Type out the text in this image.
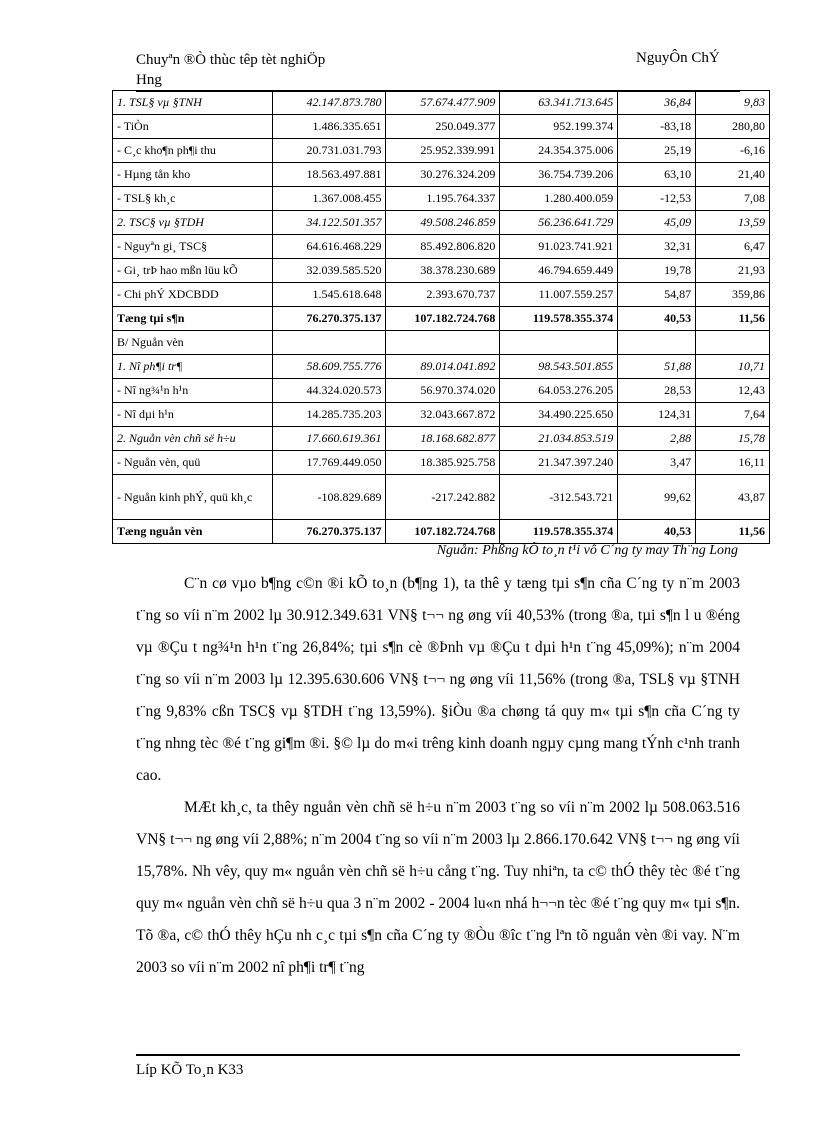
Chuyªn ®Ò thùc têp tèt nghiÖp
Hng
NguyÔn ChÝ
1. TSL§ vµ §TNH	42.147.873.780	57.674.477.909	63.341.713.645	36,84	9,83
- TiÒn	1.486.335.651	250.049.377	952.199.374	-83,18	280,80
- C¸c kho¶n ph¶i thu	20.731.031.793	25.952.339.991	24.354.375.006	25,19	-6,16
- Hµng tån kho	18.563.497.881	30.276.324.209	36.754.739.206	63,10	21,40
- TSL§ kh¸c	1.367.008.455	1.195.764.337	1.280.400.059	-12,53	7,08
2. TSC§ vµ §TDH	34.122.501.357	49.508.246.859	56.236.641.729	45,09	13,59
- Nguyªn gi¸ TSC§	64.616.468.229	85.492.806.820	91.023.741.921	32,31	6,47
- Gi¸ trÞ hao mßn lüu kÕ	32.039.585.520	38.378.230.689	46.794.659.449	19,78	21,93
- Chi phÝ XDCBDD	1.545.618.648	2.393.670.737	11.007.559.257	54,87	359,86
Tæng tµi s¶n	76.270.375.137	107.182.724.768	119.578.355.374	40,53	11,56
B/ Nguån vèn					
1. Nî ph¶i tr¶	58.609.755.776	89.014.041.892	98.543.501.855	51,88	10,71
- Nî ng¾¹n h¹n	44.324.020.573	56.970.374.020	64.053.276.205	28,53	12,43
- Nî dµi h¹n	14.285.735.203	32.043.667.872	34.490.225.650	124,31	7,64
2. Nguån vèn chñ së h÷u	17.660.619.361	18.168.682.877	21.034.853.519	2,88	15,78
- Nguån vèn, quü	17.769.449.050	18.385.925.758	21.347.397.240	3,47	16,11
- Nguån kinh phÝ, quü kh¸c	-108.829.689	-217.242.882	-312.543.721	99,62	43,87
Tæng nguån vèn	76.270.375.137	107.182.724.768	119.578.355.374	40,53	11,56
Nguån: Phßng kÕ to¸n t¹i vô C´ng ty may Th¨ng Long

C¨n cø vµo b¶ng c©n ®i kÕ to¸n (b¶ng 1), ta thê y tæng tµi s¶n cña C´ng ty n¨m 2003 t¨ng so víi n¨m 2002 lµ 30.912.349.631 VN§ t¬¬ ng øng víi 40,53% (trong ®a, tµi s¶n l u ®éng vµ ®Çu t ng¾¹n h¹n t¨ng 26,84%; tµi s¶n cè ®Þnh vµ ®Çu t dµi h¹n t¨ng 45,09%); n¨m 2004 t¨ng so víi n¨m 2003 lµ 12.395.630.606 VN§ t¬¬ ng øng víi 11,56% (trong ®a, TSL§ vµ §TNH t¨ng 9,83% cßn TSC§ vµ §TDH t¨ng 13,59%). §iÒu ®a chøng tá quy m« tµi s¶n cña C´ng ty t¨ng nhng tèc ®é t¨ng gi¶m ®i. §© lµ do m«i trêng kinh doanh ngµy cµng mang tÝnh c¹nh tranh cao.

MÆt kh¸c, ta thêy nguån vèn chñ së h÷u n¨m 2003 t¨ng so víi n¨m 2002 lµ 508.063.516 VN§ t¬¬ ng øng víi 2,88%; n¨m 2004 t¨ng so víi n¨m 2003 lµ 2.866.170.642 VN§ t¬¬ ng øng víi 15,78%. Nh vêy, quy m« nguån vèn chñ së h÷u cång t¨ng. Tuy nhiªn, ta c© thÓ thêy tèc ®é t¨ng quy m« nguån vèn chñ së h÷u qua 3 n¨m 2002 - 2004 lu«n nhá h¬¬n tèc ®é t¨ng quy m« tµi s¶n. Tõ ®a, c© thÓ thêy hÇu nh c¸c tµi s¶n cña C´ng ty ®Òu ®îc t¨ng lªn tõ nguån vèn ®i vay. N¨m 2003 so víi n¨m 2002 nî ph¶i tr¶ t¨ng

Líp KÕ To¸n K33
